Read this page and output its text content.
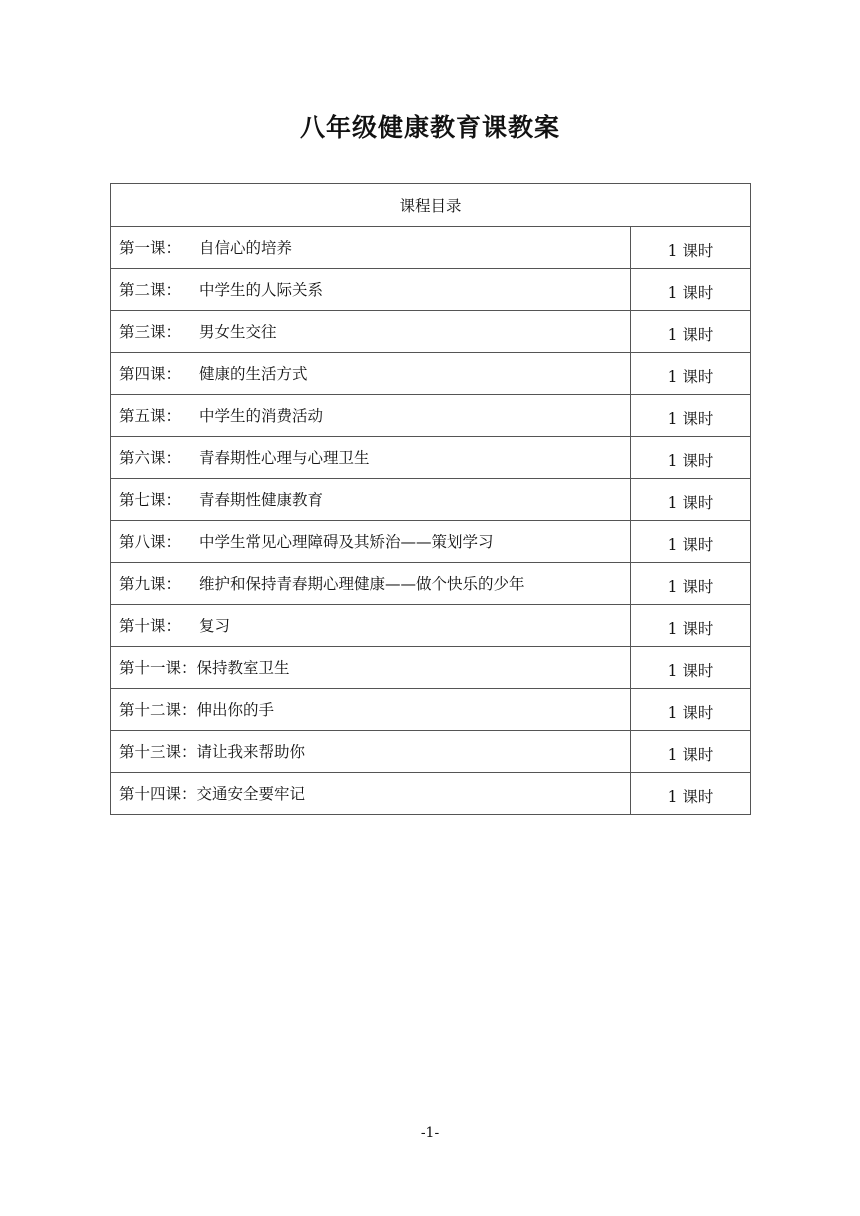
八年级健康教育课教案
课程目录	
第一课： 自信心的培养	1 课时
第二课： 中学生的人际关系	1 课时
第三课： 男女生交往	1 课时
第四课： 健康的生活方式	1 课时
第五课： 中学生的消费活动	1 课时
第六课： 青春期性心理与心理卫生	1 课时
第七课： 青春期性健康教育	1 课时
第八课： 中学生常见心理障碍及其矫治——策划学习	1 课时
第九课： 维护和保持青春期心理健康——做个快乐的少年	1 课时
第十课： 复习	1 课时
第十一课：保持教室卫生	1 课时
第十二课：伸出你的手	1 课时
第十三课：请让我来帮助你	1 课时
第十四课：交通安全要牢记	1 课时
-1-
